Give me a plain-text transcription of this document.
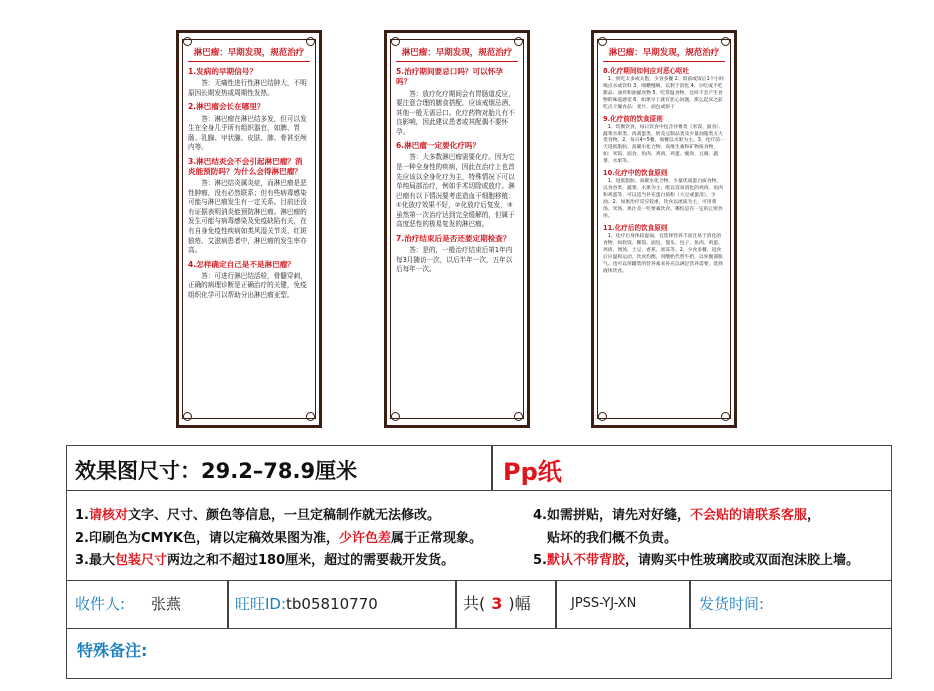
淋巴瘤：早期发现，规范治疗
1.发病的早期信号？
答：无痛性进行性淋巴结肿大，不明原因长期发热或周期性发热。
2.淋巴瘤会长在哪里？
答：淋巴瘤在淋巴结多发，但可以发生在全身几乎所有组织器官，如脾、胃肠、乳腺、甲状腺、皮肤、肺、骨甚至颅内等。
3.淋巴结炎会不会引起淋巴瘤？消炎能预防吗？为什么会得淋巴瘤？
答：淋巴结炎属炎症，而淋巴瘤是恶性肿瘤，没有必然联系；但有些病毒感染可能与淋巴瘤发生有一定关系。目前还没有证据表明消炎能预防淋巴瘤。淋巴瘤的发生可能与病毒感染及免疫缺陷有关，在有自身免疫性疾病如类风湿关节炎、红斑狼疮、艾滋病患者中，淋巴瘤的发生率亦高。
4.怎样确定自己是不是淋巴瘤？
答：可进行淋巴结活检，骨髓穿刺，正确的病理诊断是正确治疗的关键，免疫组织化学可以帮助分出淋巴瘤亚型。
淋巴瘤：早期发现，规范治疗
5.治疗期间要忌口吗？可以怀孕吗？
答：放疗化疗期间会有胃肠道反应，要注意合理的膳食搭配，应该戒烟忌酒，其他一般无需忌口。化疗药物对胎儿有不良影响，因此建议患者或其配偶不要怀孕。
6.淋巴瘤一定要化疗吗？
答：大多数淋巴瘤需要化疗。因为它是一种全身性的疾病，因此在治疗上也首先应该以全身化疗为主，特殊情况下可以单纯局部治疗，例如手术切除或放疗。淋巴瘤有以下情况要考虑造血干细胞移植：①化放疗效果不好，②化放疗后复发，③虽然第一次治疗达到完全缓解的，但属于高度恶性的极易复发的淋巴瘤。
7.治疗结束后是否还要定期检查？
答：是的，一般治疗结束后第1年内每3月随访一次，以后半年一次，五年以后每年一次。
淋巴瘤：早期发现，规范治疗
8.化疗期间如何应对恶心呕吐
1、别吃太多或太饱，少食多餐 2、饭前或饭后1个小时喝点水或饮料 3、细嚼慢咽，以利于消化 4、少吃或不吃甜品、油炸和油腻食物 5、吃常温食物，这样不会产生食物的味道感觉 6、如果早上就有恶心问题，那么起床之前吃点干燥食品：麦片、面包或饼干
9.化疗前的饮食原则
1、均衡饮食，每日饮食中包含谷薯类（米饭、面食）、蔬菜水果类、肉禽蛋类、奶及豆制品类及少量油脂类五大类食物。2、每日4~5餐，加餐以水果为主。3、化疗前一天进低脂肪、高碳水化合物、高维生素和矿物质食物，如：米饭、面食、鱼肉、鸡肉、鸡蛋、瘦肉、豆腐、蔬菜、水果等。
10.化疗中的饮食原则
1、进低脂肪、高碳水化合物、少量优质蛋白质食物，以食谷类、蔬菜、水果为主，配以容易消化的鸡肉、鱼肉和鸡蛋等，可以适当补充蛋白质粉（大豆或蛋清），少油。2、如果治疗反应较重，饮食以流质为主，可用菜汤、米汤、果汁及一些要素饮食，哪怕是有一定的止呕作用。
11.化疗后的饮食原则
1、化疗后身体较虚弱，宜选择营养丰富且易于消化的食物，如软饭、稀饭、面包、馒头、包子、鱼肉、鸡蛋、鸡肉、煲汤、土豆、香蕉、果冻等。2、少食多餐，进食后应温和运动，饮食均衡，用酸奶代替牛奶，以免腹部胀气。也可以用罐装的营养素来补充以满足营养需要，选择液体饮食。
效果图尺寸：29.2–78.9厘米	Pp纸
1.请核对文字、尺寸、颜色等信息，一旦定稿制作就无法修改。
2.印刷色为CMYK色，请以定稿效果图为准，少许色差属于正常现象。
3.最大包装尺寸两边之和不超过180厘米，超过的需要裁开发货。
4.如需拼贴，请先对好缝，不会贴的请联系客服，
贴坏的我们概不负责。
5.默认不带背胶，请购买中性玻璃胶或双面泡沫胶上墙。
收件人: 张燕	旺旺ID:tb05810770	共( 3 )幅	JPSS-YJ-XN	发货时间:
特殊备注:
